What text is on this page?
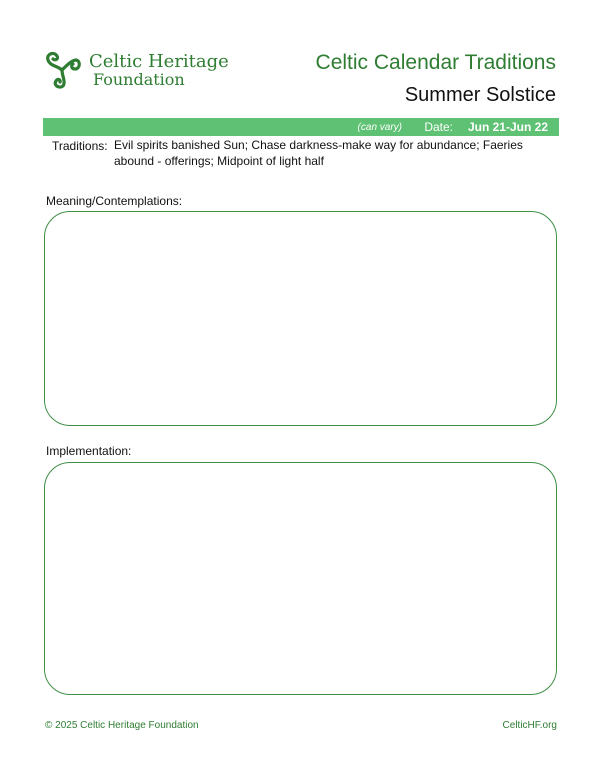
Celtic Heritage
Foundation
Celtic Calendar Traditions
Summer Solstice
(can vary) Date: Jun 21-Jun 22
Traditions: Evil spirits banished Sun; Chase darkness-make way for abundance; Faeries abound - offerings; Midpoint of light half
Meaning/Contemplations:
Implementation:
© 2025 Celtic Heritage Foundation	CelticHF.org
